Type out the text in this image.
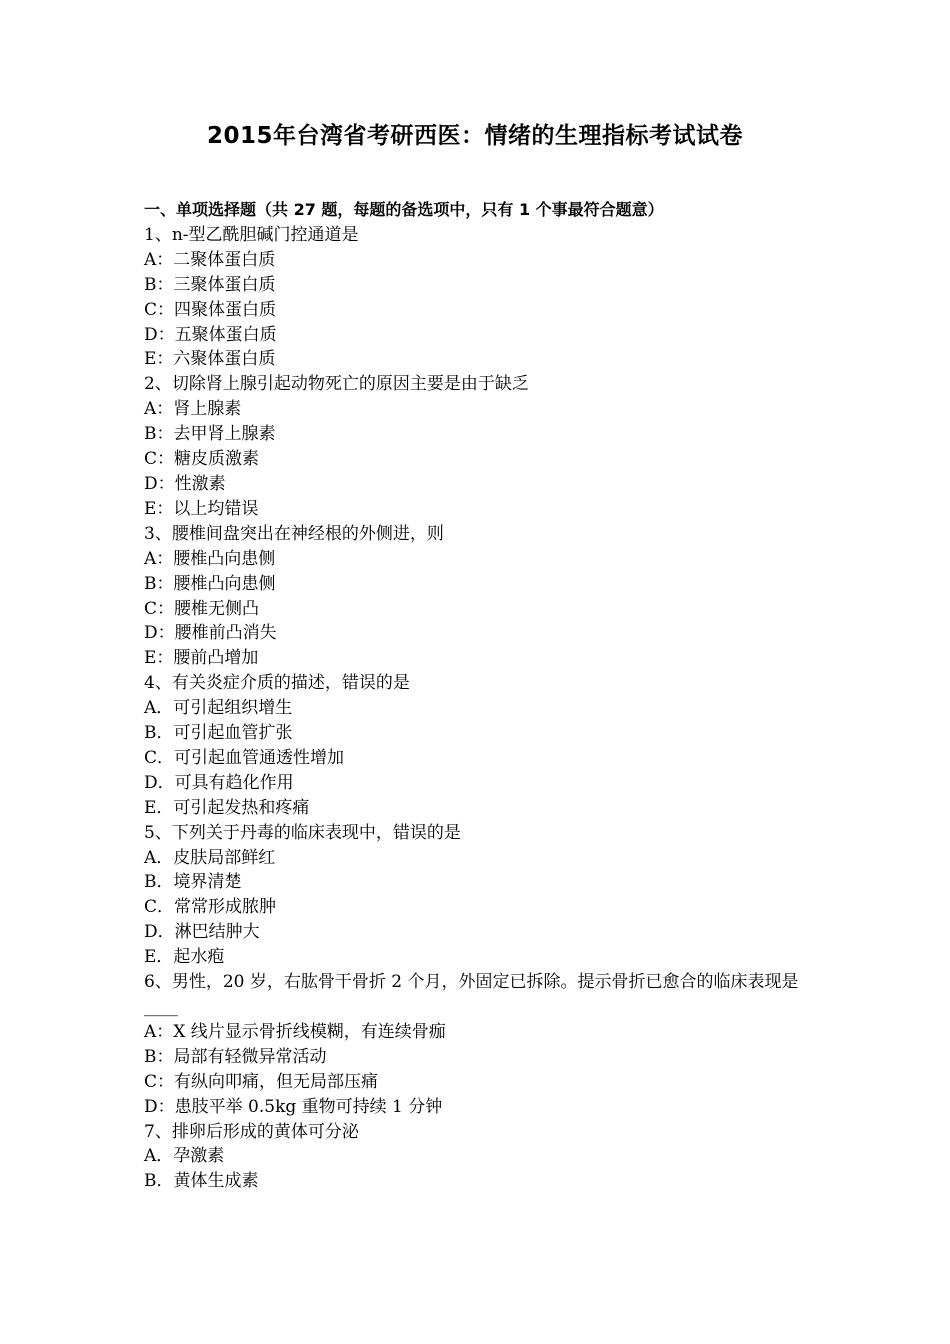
2015年台湾省考研西医：情绪的生理指标考试试卷
一、单项选择题（共 27 题，每题的备选项中，只有 1 个事最符合题意）
1、n-型乙酰胆碱门控通道是
A：二聚体蛋白质
B：三聚体蛋白质
C：四聚体蛋白质
D：五聚体蛋白质
E：六聚体蛋白质
2、切除肾上腺引起动物死亡的原因主要是由于缺乏
A：肾上腺素
B：去甲肾上腺素
C：糖皮质激素
D：性激素
E：以上均错误
3、腰椎间盘突出在神经根的外侧进，则
A：腰椎凸向患侧
B：腰椎凸向患侧
C：腰椎无侧凸
D：腰椎前凸消失
E：腰前凸增加
4、有关炎症介质的描述，错误的是
A．可引起组织增生
B．可引起血管扩张
C．可引起血管通透性增加
D．可具有趋化作用
E．可引起发热和疼痛
5、下列关于丹毒的临床表现中，错误的是
A．皮肤局部鲜红
B．境界清楚
C．常常形成脓肿
D．淋巴结肿大
E．起水疱
6、男性，20 岁，右肱骨干骨折 2 个月，外固定已拆除。提示骨折已愈合的临床表现是____
A：X 线片显示骨折线模糊，有连续骨痂
B：局部有轻微异常活动
C：有纵向叩痛，但无局部压痛
D：患肢平举 0.5kg 重物可持续 1 分钟
7、排卵后形成的黄体可分泌
A．孕激素
B．黄体生成素
